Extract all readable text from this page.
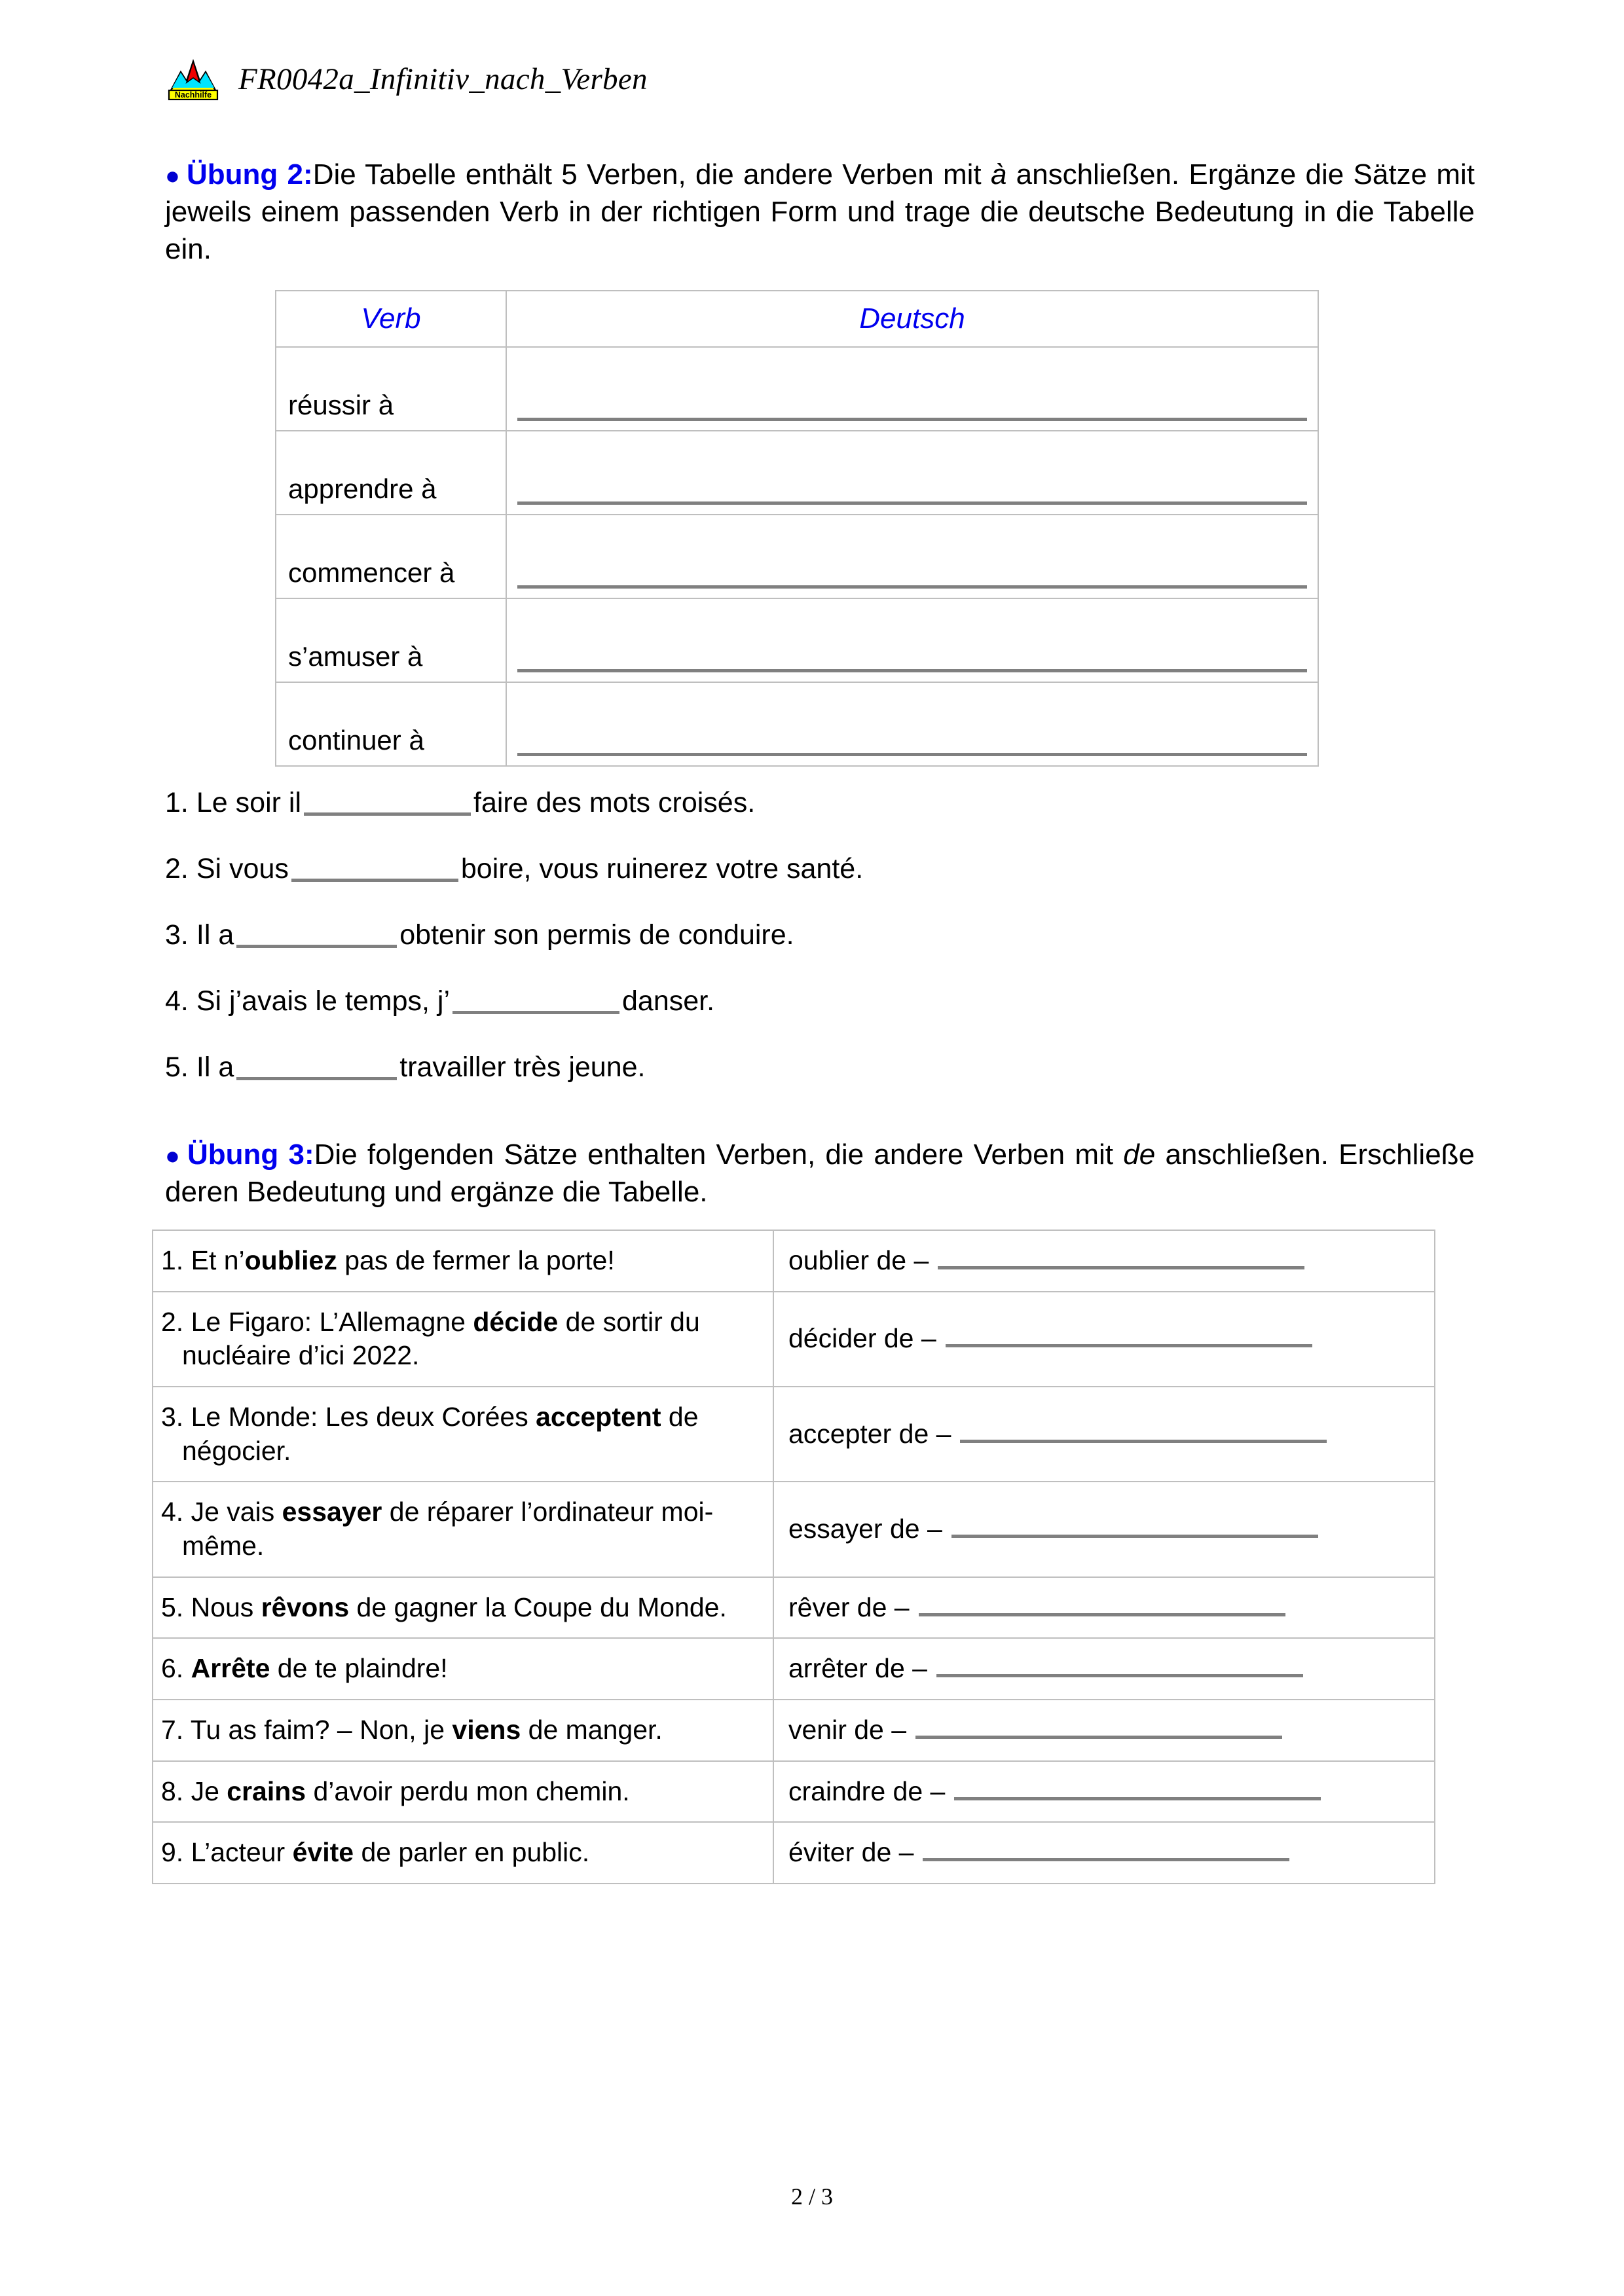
Nachhilfe FR0042a_Infinitiv_nach_Verben
● Übung 2:Die Tabelle enthält 5 Verben, die andere Verben mit à anschließen. Ergänze die Sätze mit jeweils einem passenden Verb in der richtigen Form und trage die deutsche Bedeutung in die Tabelle ein.
Verb	Deutsch
réussir à	

apprendre à	

commencer à	

s’amuser à	

continuer à	
1. Le soir il	faire des mots croisés.
2. Si vous	boire, vous ruinerez votre santé.
3. Il a	obtenir son permis de conduire.
4. Si j’avais le temps, j’	danser.
5. Il a	travailler très jeune.
● Übung 3:Die folgenden Sätze enthalten Verben, die andere Verben mit de anschließen. Erschließe deren Bedeutung und ergänze die Tabelle.
1. Et n’oubliez pas de fermer la porte!	oublier de –
2. Le Figaro: L’Allemagne décide de sortir du nucléaire d’ici 2022.	décider de –
3. Le Monde: Les deux Corées acceptent de négocier.	accepter de –
4. Je vais essayer de réparer l’ordinateur moi-même.	essayer de –
5. Nous rêvons de gagner la Coupe du Monde.	rêver de –
6. Arrête de te plaindre!	arrêter de –
7. Tu as faim? – Non, je viens de manger.	venir de –
8. Je crains d’avoir perdu mon chemin.	craindre de –
9. L’acteur évite de parler en public.	éviter de –
2 / 3
